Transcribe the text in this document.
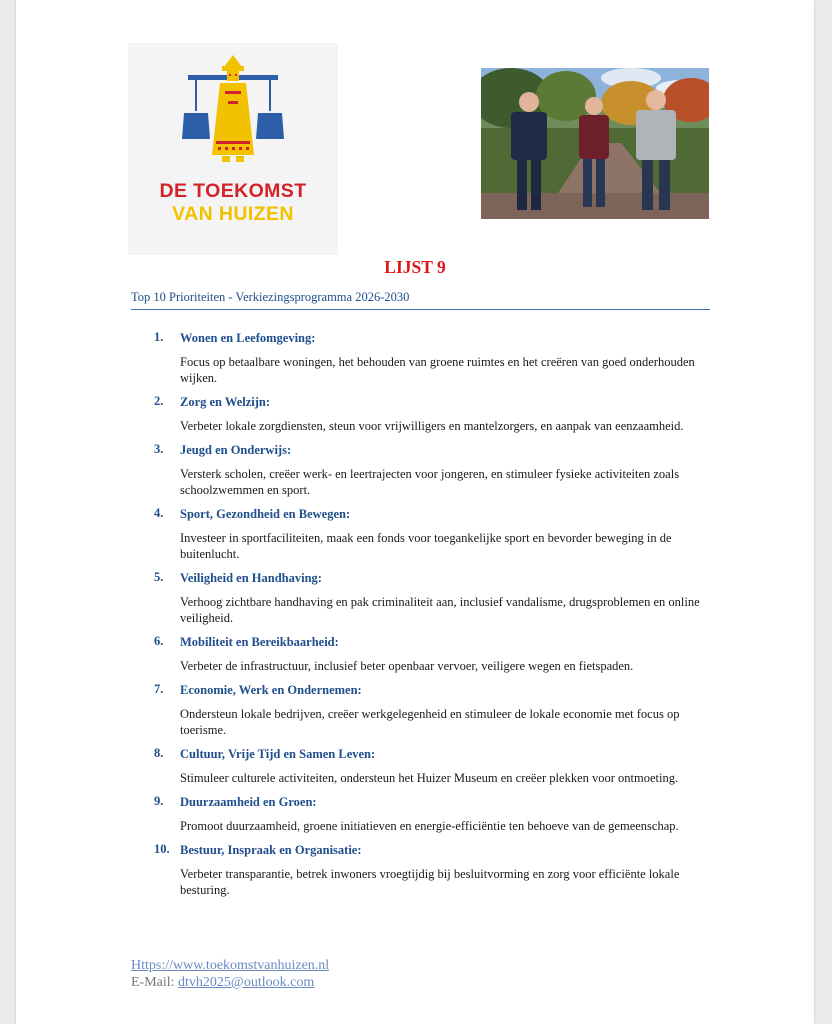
DE TOEKOMST
VAN HUIZEN
LIJST 9
Top 10 Prioriteiten - Verkiezingsprogramma 2026-2030
1.	Wonen en Leefomgeving:
Focus op betaalbare woningen, het behouden van groene ruimtes en het creëren van goed onderhouden wijken.
2.	Zorg en Welzijn:
Verbeter lokale zorgdiensten, steun voor vrijwilligers en mantelzorgers, en aanpak van eenzaamheid.
3.	Jeugd en Onderwijs:
Versterk scholen, creëer werk- en leertrajecten voor jongeren, en stimuleer fysieke activiteiten zoals schoolzwemmen en sport.
4.	Sport, Gezondheid en Bewegen:
Investeer in sportfaciliteiten, maak een fonds voor toegankelijke sport en bevorder beweging in de buitenlucht.
5.	Veiligheid en Handhaving:
Verhoog zichtbare handhaving en pak criminaliteit aan, inclusief vandalisme, drugsproblemen en online veiligheid.
6.	Mobiliteit en Bereikbaarheid:
Verbeter de infrastructuur, inclusief beter openbaar vervoer, veiligere wegen en fietspaden.
7.	Economie, Werk en Ondernemen:
Ondersteun lokale bedrijven, creëer werkgelegenheid en stimuleer de lokale economie met focus op toerisme.
8.	Cultuur, Vrije Tijd en Samen Leven:
Stimuleer culturele activiteiten, ondersteun het Huizer Museum en creëer plekken voor ontmoeting.
9.	Duurzaamheid en Groen:
Promoot duurzaamheid, groene initiatieven en energie-efficiëntie ten behoeve van de gemeenschap.
10. Bestuur, Inspraak en Organisatie:
Verbeter transparantie, betrek inwoners vroegtijdig bij besluitvorming en zorg voor efficiënte lokale besturing.
Https://www.toekomstvanhuizen.nl
E-Mail: dtvh2025@outlook.com
